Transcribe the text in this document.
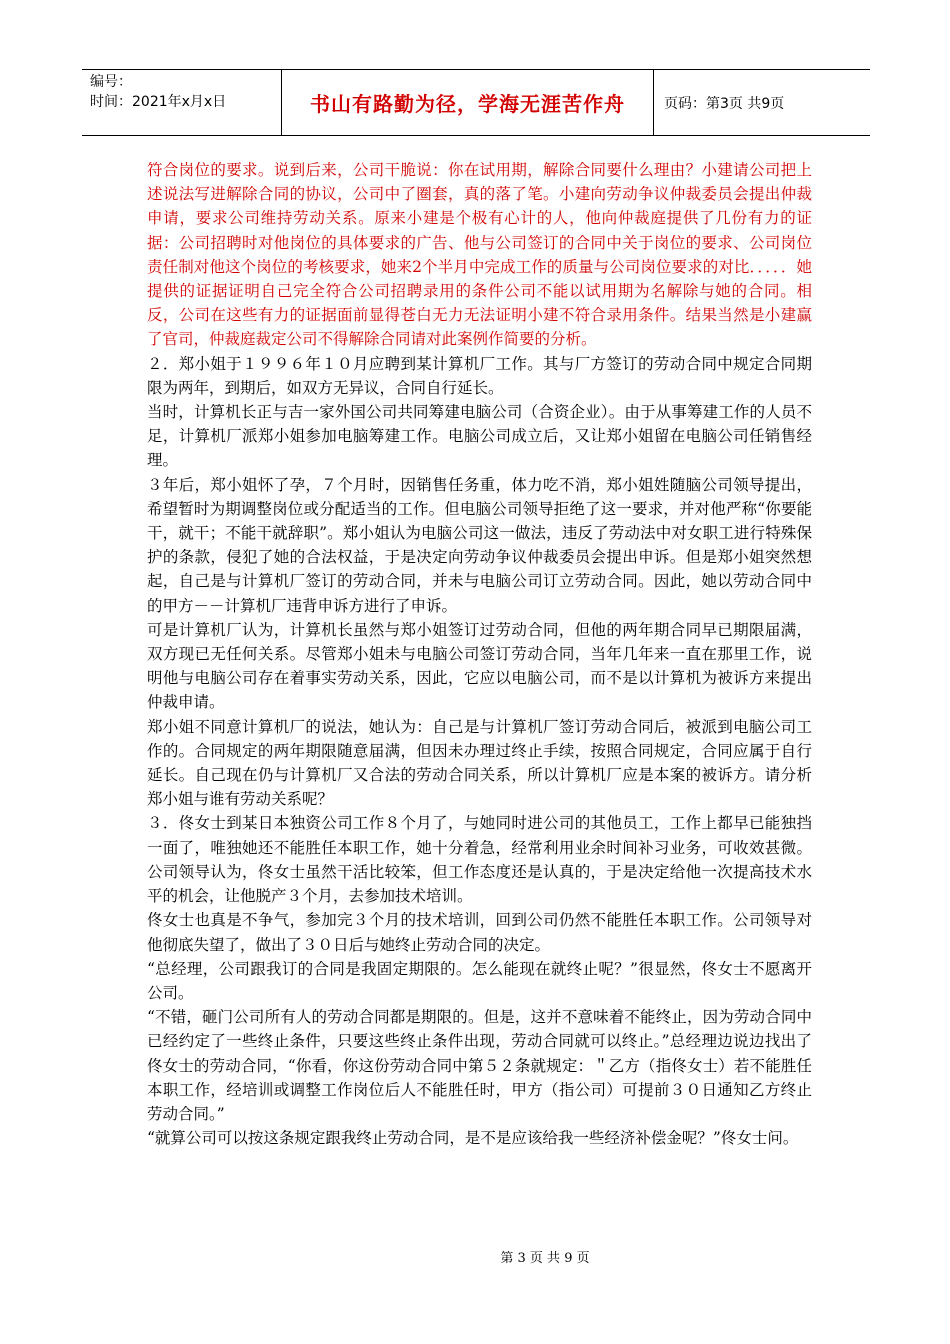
编号：
时间：2021年x月x日	书山有路勤为径，学海无涯苦作舟	页码：第3页 共9页

符合岗位的要求。说到后来，公司干脆说：你在试用期，解除合同要什么理由？小建请公司把上述说法写进解除合同的协议，公司中了圈套，真的落了笔。小建向劳动争议仲裁委员会提出仲裁申请，要求公司维持劳动关系。原来小建是个极有心计的人，他向仲裁庭提供了几份有力的证据：公司招聘时对他岗位的具体要求的广告、他与公司签订的合同中关于岗位的要求、公司岗位责任制对他这个岗位的考核要求，她来2个半月中完成工作的质量与公司岗位要求的对比．．．．．她提供的证据证明自己完全符合公司招聘录用的条件公司不能以试用期为名解除与她的合同。相反，公司在这些有力的证据面前显得苍白无力无法证明小建不符合录用条件。结果当然是小建赢了官司，仲裁庭裁定公司不得解除合同请对此案例作简要的分析。

２．郑小姐于１９９６年１０月应聘到某计算机厂工作。其与厂方签订的劳动合同中规定合同期限为两年，到期后，如双方无异议，合同自行延长。

当时，计算机长正与吉一家外国公司共同筹建电脑公司（合资企业）。由于从事筹建工作的人员不足，计算机厂派郑小姐参加电脑筹建工作。电脑公司成立后，又让郑小姐留在电脑公司任销售经理。

３年后，郑小姐怀了孕，７个月时，因销售任务重，体力吃不消，郑小姐姓随脑公司领导提出，希望暂时为期调整岗位或分配适当的工作。但电脑公司领导拒绝了这一要求，并对他严称“你要能干，就干；不能干就辞职”。郑小姐认为电脑公司这一做法，违反了劳动法中对女职工进行特殊保护的条款，侵犯了她的合法权益，于是决定向劳动争议仲裁委员会提出申诉。但是郑小姐突然想起，自己是与计算机厂签订的劳动合同，并未与电脑公司订立劳动合同。因此，她以劳动合同中的甲方－－计算机厂违背申诉方进行了申诉。

可是计算机厂认为，计算机长虽然与郑小姐签订过劳动合同，但他的两年期合同早已期限届满，双方现已无任何关系。尽管郑小姐未与电脑公司签订劳动合同，当年几年来一直在那里工作，说明他与电脑公司存在着事实劳动关系，因此，它应以电脑公司，而不是以计算机为被诉方来提出仲裁申请。

郑小姐不同意计算机厂的说法，她认为：自己是与计算机厂签订劳动合同后，被派到电脑公司工作的。合同规定的两年期限随意届满，但因未办理过终止手续，按照合同规定，合同应属于自行延长。自己现在仍与计算机厂又合法的劳动合同关系，所以计算机厂应是本案的被诉方。请分析郑小姐与谁有劳动关系呢？

３．佟女士到某日本独资公司工作８个月了，与她同时进公司的其他员工，工作上都早已能独挡一面了，唯独她还不能胜任本职工作，她十分着急，经常利用业余时间补习业务，可收效甚微。公司领导认为，佟女士虽然干活比较笨，但工作态度还是认真的，于是决定给他一次提高技术水平的机会，让他脱产３个月，去参加技术培训。

佟女士也真是不争气，参加完３个月的技术培训，回到公司仍然不能胜任本职工作。公司领导对他彻底失望了，做出了３０日后与她终止劳动合同的决定。

“总经理，公司跟我订的合同是我固定期限的。怎么能现在就终止呢？”很显然，佟女士不愿离开公司。

“不错，砸门公司所有人的劳动合同都是期限的。但是，这并不意味着不能终止，因为劳动合同中已经约定了一些终止条件，只要这些终止条件出现，劳动合同就可以终止。”总经理边说边找出了佟女士的劳动合同，“你看，你这份劳动合同中第５２条就规定：＂乙方（指佟女士）若不能胜任本职工作，经培训或调整工作岗位后人不能胜任时，甲方（指公司）可提前３０日通知乙方终止劳动合同。”

“就算公司可以按这条规定跟我终止劳动合同，是不是应该给我一些经济补偿金呢？”佟女士问。

第 3 页 共 9 页
